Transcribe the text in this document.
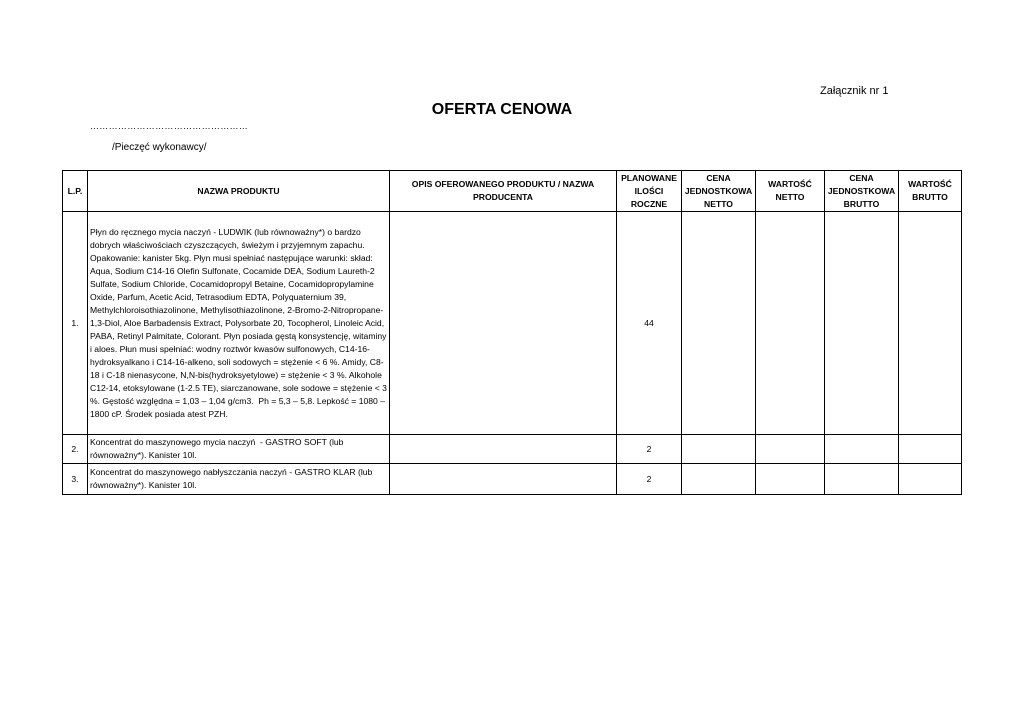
Załącznik nr 1
OFERTA CENOWA
……………………………………………
/Pieczęć wykonawcy/
L.P.	NAZWA PRODUKTU	OPIS OFEROWANEGO PRODUKTU / NAZWA PRODUCENTA	PLANOWANE ILOŚCI ROCZNE	CENA JEDNOSTKOWA NETTO	WARTOŚĆ NETTO	CENA JEDNOSTKOWA BRUTTO	WARTOŚĆ BRUTTO
1.	Płyn do ręcznego mycia naczyń - LUDWIK (lub równoważny*) o bardzo dobrych właściwościach czyszczących, świeżym i przyjemnym zapachu. Opakowanie: kanister 5kg. Płyn musi spełniać następujące warunki: skład: Aqua, Sodium C14-16 Olefin Sulfonate, Cocamide DEA, Sodium Laureth-2 Sulfate, Sodium Chloride, Cocamidopropyl Betaine, Cocamidopropylamine Oxide, Parfum, Acetic Acid, Tetrasodium EDTA, Polyquaternium 39, Methylchloroisothiazolinone, Methylisothiazolinone, 2-Bromo-2-Nitropropane-1,3-Diol, Aloe Barbadensis Extract, Polysorbate 20, Tocopherol, Linoleic Acid, PABA, Retinyl Palmitate, Colorant. Płyn posiada gęstą konsystencję, witaminy i aloes. Płun musi spełniać: wodny roztwór kwasów sulfonowych, C14-16-hydroksyalkano i C14-16-alkeno, soli sodowych = stężenie < 6 %. Amidy, C8-18 i C-18 nienasycone, N,N-bis(hydroksyetylowe) = stężenie < 3 %. Alkohole C12-14, etoksylowane (1-2.5 TE), siarczanowane, sole sodowe = stężenie < 3 %. Gęstość względna = 1,03 – 1,04 g/cm3.  Ph = 5,3 – 5,8. Lepkość = 1080 – 1800 cP. Środek posiada atest PZH.		44				
2.	Koncentrat do maszynowego mycia naczyń  - GASTRO SOFT (lub równoważny*). Kanister 10l.		2				
3.	Koncentrat do maszynowego nabłyszczania naczyń - GASTRO KLAR (lub równoważny*). Kanister 10l.		2				
